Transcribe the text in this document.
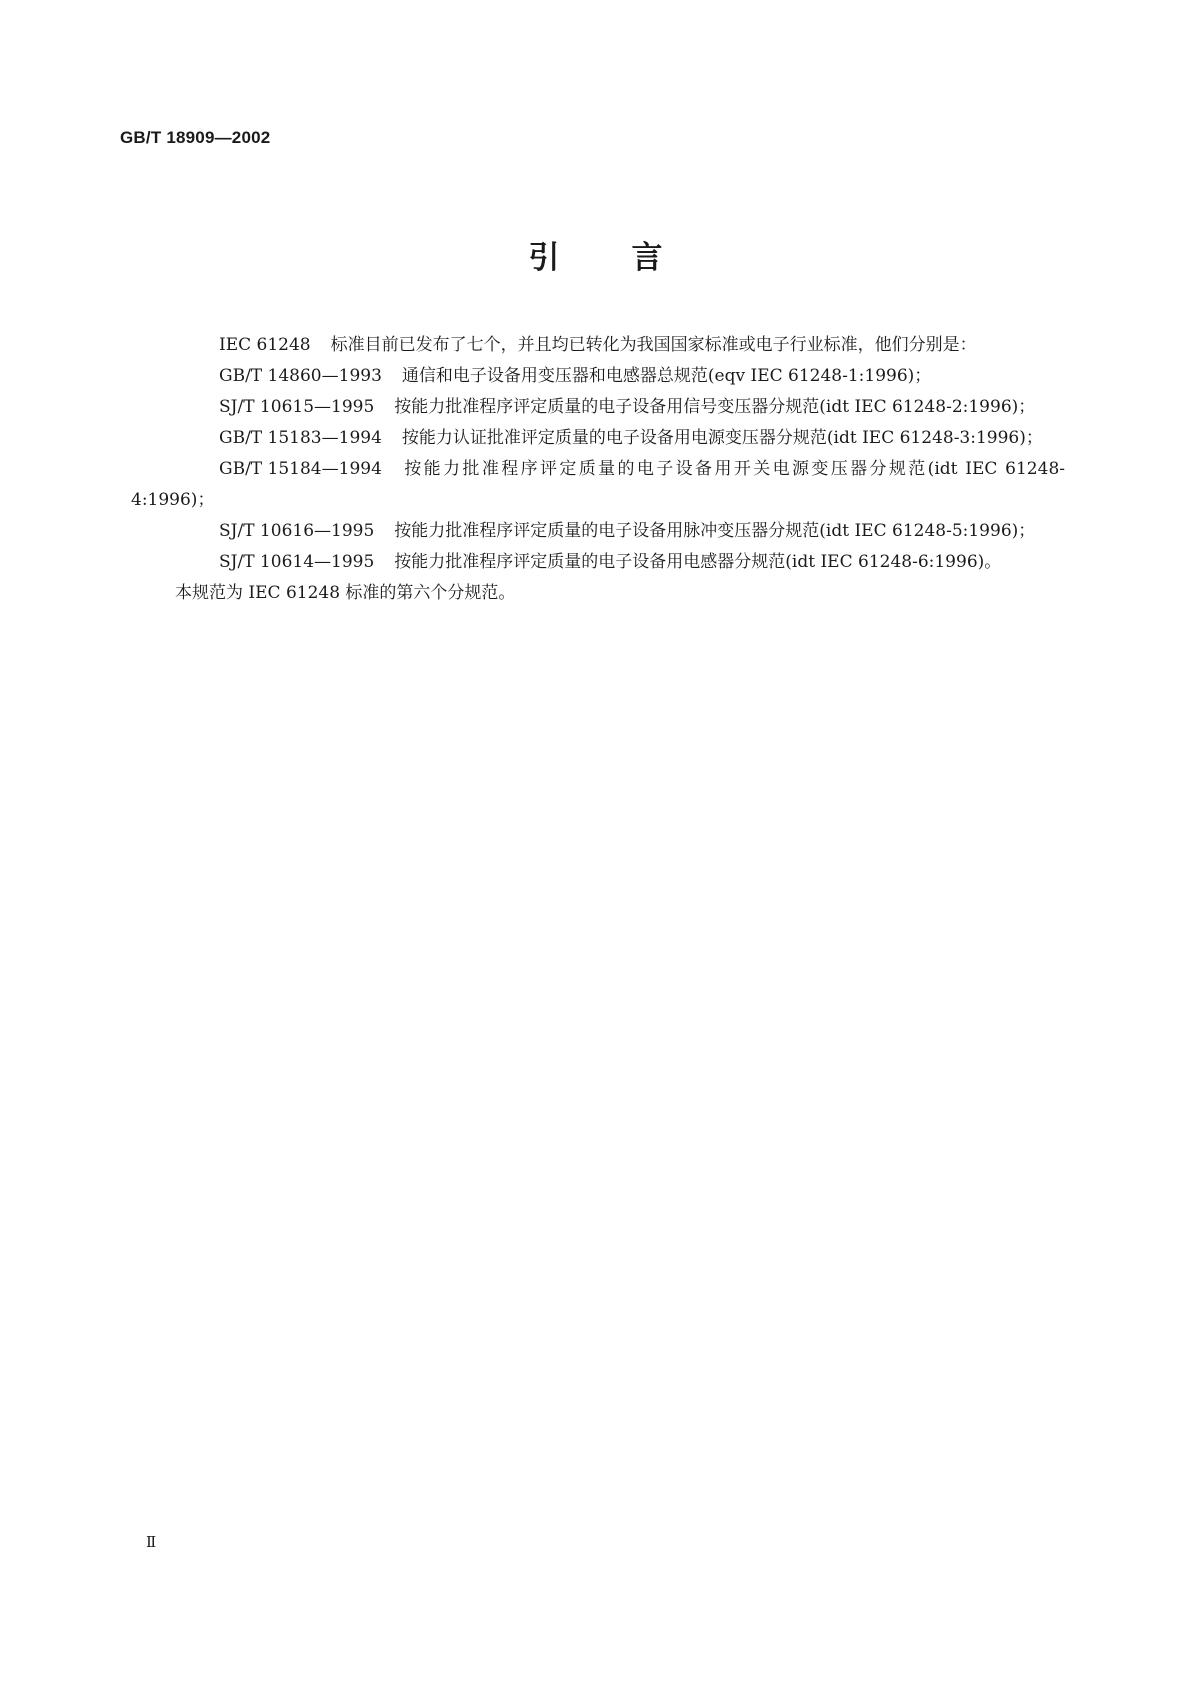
GB/T 18909—2002
引 言

IEC 61248 标准目前已发布了七个，并且均已转化为我国国家标准或电子行业标准，他们分别是：

GB/T 14860—1993 通信和电子设备用变压器和电感器总规范(eqv IEC 61248-1:1996)；

SJ/T 10615—1995 按能力批准程序评定质量的电子设备用信号变压器分规范(idt IEC 61248-2:1996)；

GB/T 15183—1994 按能力认证批准评定质量的电子设备用电源变压器分规范(idt IEC 61248-3:1996)；

GB/T 15184—1994 按能力批准程序评定质量的电子设备用开关电源变压器分规范(idt IEC 61248-4:1996)；

SJ/T 10616—1995 按能力批准程序评定质量的电子设备用脉冲变压器分规范(idt IEC 61248-5:1996)；

SJ/T 10614—1995 按能力批准程序评定质量的电子设备用电感器分规范(idt IEC 61248-6:1996)。

本规范为 IEC 61248 标准的第六个分规范。

Ⅱ
